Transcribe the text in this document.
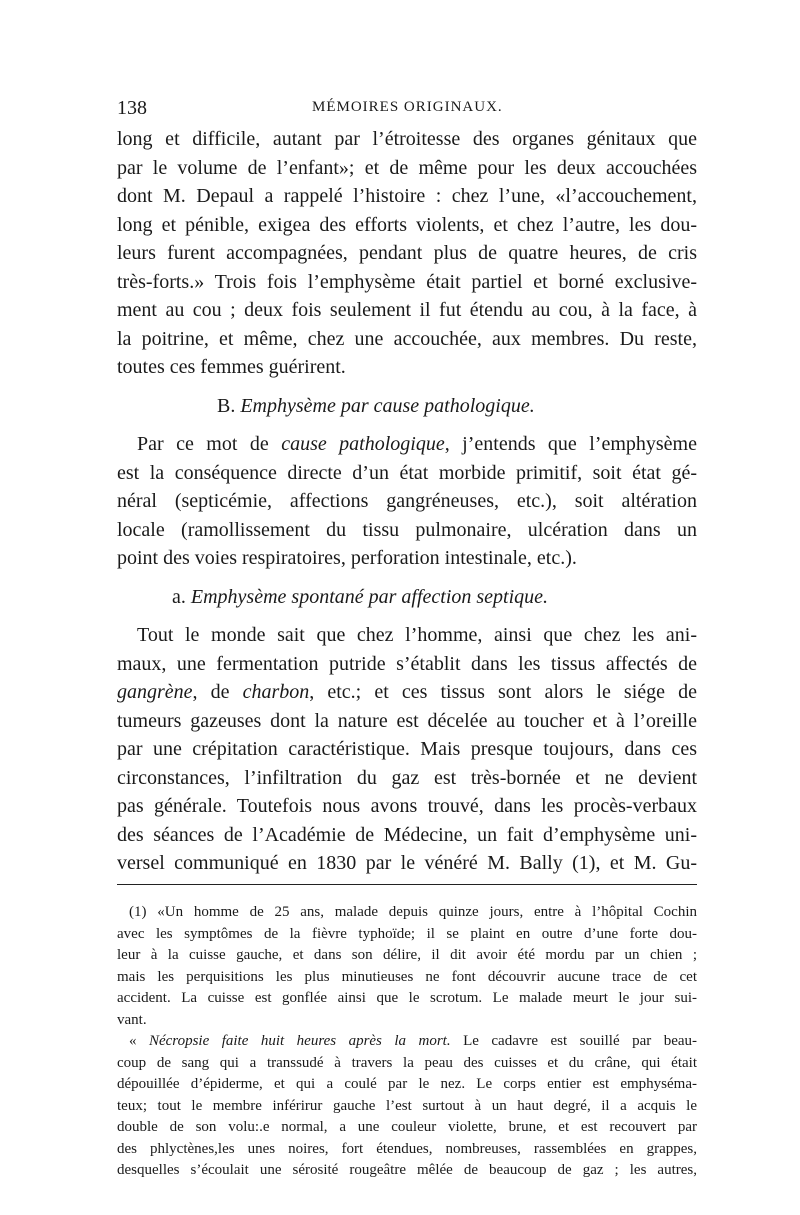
138	MÉMOIRES ORIGINAUX.
long et difficile, autant par l’étroitesse des organes génitaux que
par le volume de l’enfant»; et de même pour les deux accouchées
dont M. Depaul a rappelé l’histoire : chez l’une, «l’accouchement,
long et pénible, exigea des efforts violents, et chez l’autre, les dou-
leurs furent accompagnées, pendant plus de quatre heures, de cris
très-forts.» Trois fois l’emphysème était partiel et borné exclusive-
ment au cou ; deux fois seulement il fut étendu au cou, à la face, à
la poitrine, et même, chez une accouchée, aux membres. Du reste,
toutes ces femmes guérirent.
B. Emphysème par cause pathologique.
Par ce mot de cause pathologique, j’entends que l’emphysème
est la conséquence directe d’un état morbide primitif, soit état gé-
néral (septicémie, affections gangréneuses, etc.), soit altération
locale (ramollissement du tissu pulmonaire, ulcération dans un
point des voies respiratoires, perforation intestinale, etc.).
a. Emphysème spontané par affection septique.
Tout le monde sait que chez l’homme, ainsi que chez les ani-
maux, une fermentation putride s’établit dans les tissus affectés de
gangrène, de charbon, etc.; et ces tissus sont alors le siége de
tumeurs gazeuses dont la nature est décelée au toucher et à l’oreille
par une crépitation caractéristique. Mais presque toujours, dans ces
circonstances, l’infiltration du gaz est très-bornée et ne devient
pas générale. Toutefois nous avons trouvé, dans les procès-verbaux
des séances de l’Académie de Médecine, un fait d’emphysème uni-
versel communiqué en 1830 par le vénéré M. Bally (1), et M. Gu-
(1) «Un homme de 25 ans, malade depuis quinze jours, entre à l’hôpital Cochin
avec les symptômes de la fièvre typhoïde; il se plaint en outre d’une forte dou-
leur à la cuisse gauche, et dans son délire, il dit avoir été mordu par un chien ;
mais les perquisitions les plus minutieuses ne font découvrir aucune trace de cet
accident. La cuisse est gonflée ainsi que le scrotum. Le malade meurt le jour sui-
vant.
« Nécropsie faite huit heures après la mort. Le cadavre est souillé par beau-
coup de sang qui a transsudé à travers la peau des cuisses et du crâne, qui était
dépouillée d’épiderme, et qui a coulé par le nez. Le corps entier est emphyséma-
teux; tout le membre inférirur gauche l’est surtout à un haut degré, il a acquis le
double de son volu:.e normal, a une couleur violette, brune, et est recouvert par
des phlyctènes,les unes noires, fort étendues, nombreuses, rassemblées en grappes,
desquelles s’écoulait une sérosité rougeâtre mêlée de beaucoup de gaz ; les autres,
